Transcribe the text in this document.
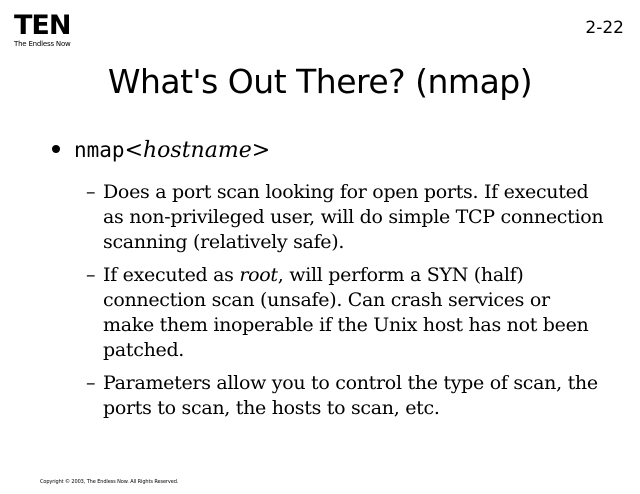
TEN
The Endless Now
2-22
What's Out There? (nmap)
nmap < hostname >
– Does a port scan looking for open ports. If executed as non-privileged user, will do simple TCP connection scanning (relatively safe).
– If executed as root, will perform a SYN (half) connection scan (unsafe). Can crash services or make them inoperable if the Unix host has not been patched.
– Parameters allow you to control the type of scan, the ports to scan, the hosts to scan, etc.
Copyright © 2003, The Endless Now. All Rights Reserved.
